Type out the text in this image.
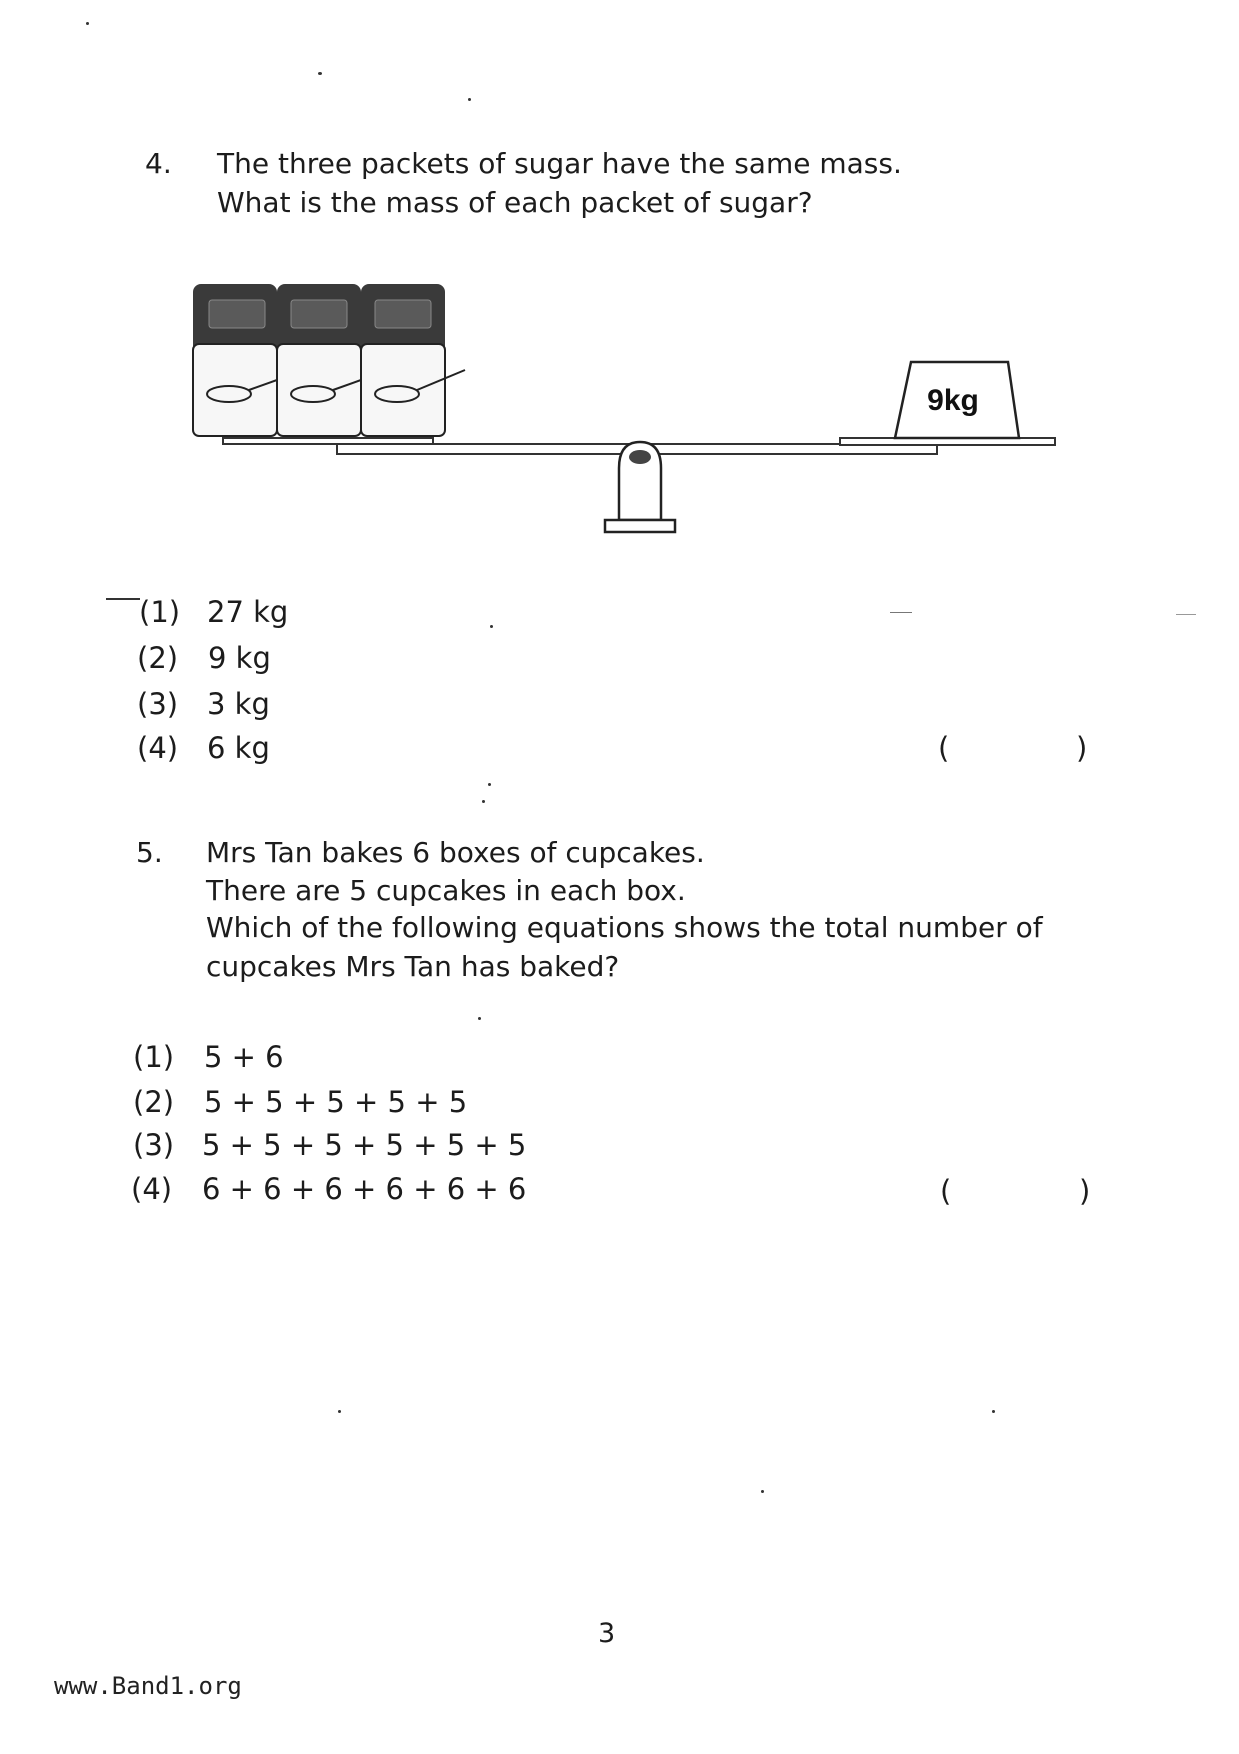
4. The three packets of sugar have the same mass.
What is the mass of each packet of sugar?
9kg
(1) 27 kg
(2) 9 kg
(3) 3 kg
(4) 6 kg	(	)
5. Mrs Tan bakes 6 boxes of cupcakes.
There are 5 cupcakes in each box.
Which of the following equations shows the total number of
cupcakes Mrs Tan has baked?
(1) 5 + 6
(2) 5 + 5 + 5 + 5 + 5
(3) 5 + 5 + 5 + 5 + 5 + 5
(4) 6 + 6 + 6 + 6 + 6 + 6	(	)
3
www.Band1.org
